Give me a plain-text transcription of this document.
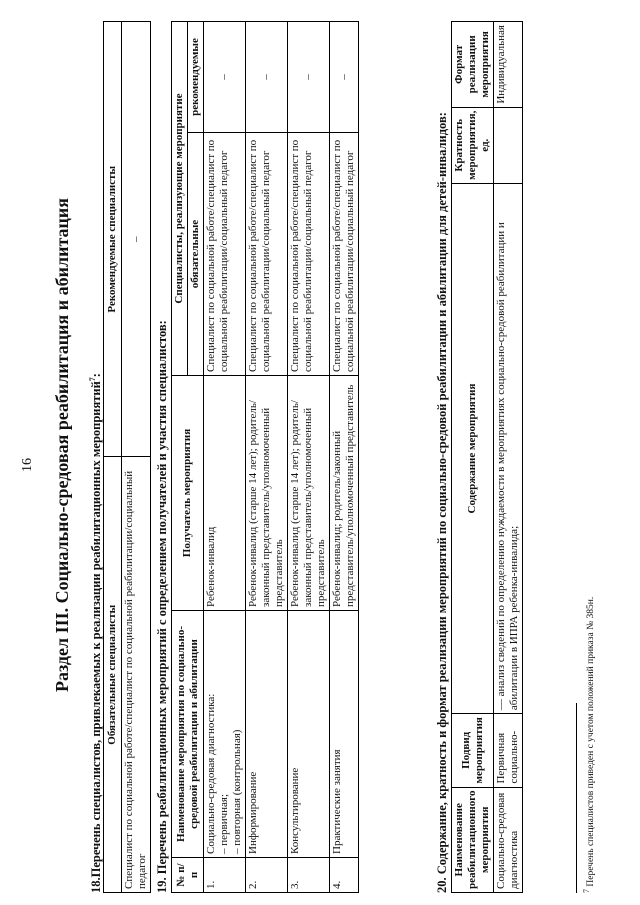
16 Раздел III. Социально-средовая реабилитация и абилитация 18.Перечень специалистов, привлекаемых к реализации реабилитационных мероприятий$^7$:
Обязательные специалисты	Рекомендуемые специалисты
Специалист по социальной работе/специалист по социальной реабилитации/социальный педагог	–
19. Перечень реабилитационных мероприятий с определением получателей и участия специалистов: № п/п	Наименование мероприятия по социально-средовой реабилитации и абилитации	Получатель мероприятия	Специалисты, реализующие мероприятие	
			обязательные	рекомендуемые
1.	Социально-средовая диагностика: – первичная; – повторная (контрольная)	Ребенок-инвалид	Специалист по социальной работе/специалист по социальной реабилитации/социальный педагог	–
2.	Информирование	Ребенок-инвалид (старше 14 лет); родитель/законный представитель/уполномоченный представитель	Специалист по социальной работе/специалист по социальной реабилитации/социальный педагог	–
3.	Консультирование	Ребенок-инвалид (старше 14 лет); родитель/законный представитель/уполномоченный представитель	Специалист по социальной работе/специалист по социальной реабилитации/социальный педагог	–
4.	Практические занятия	Ребенок-инвалид; родитель/законный представитель/уполномоченный представитель	Специалист по социальной работе/специалист по социальной реабилитации/социальный педагог	–
20. Содержание, кратность и формат реализации мероприятий по социально-средовой реабилитации и абилитации для детей-инвалидов: Наименование реабилитационного мероприятия	Подвид мероприятия	Содержание мероприятия	Кратность мероприятия, ед.	Формат реализации мероприятия
Социально-средовая диагностика	Первичная социально-	— анализ сведений по определению нуждаемости в мероприятиях социально-средовой реабилитации и абилитации в ИПРА ребенка-инвалида;		Индивидуальная
$^7$ Перечень специалистов приведен с учетом положений приказа № 385н.
